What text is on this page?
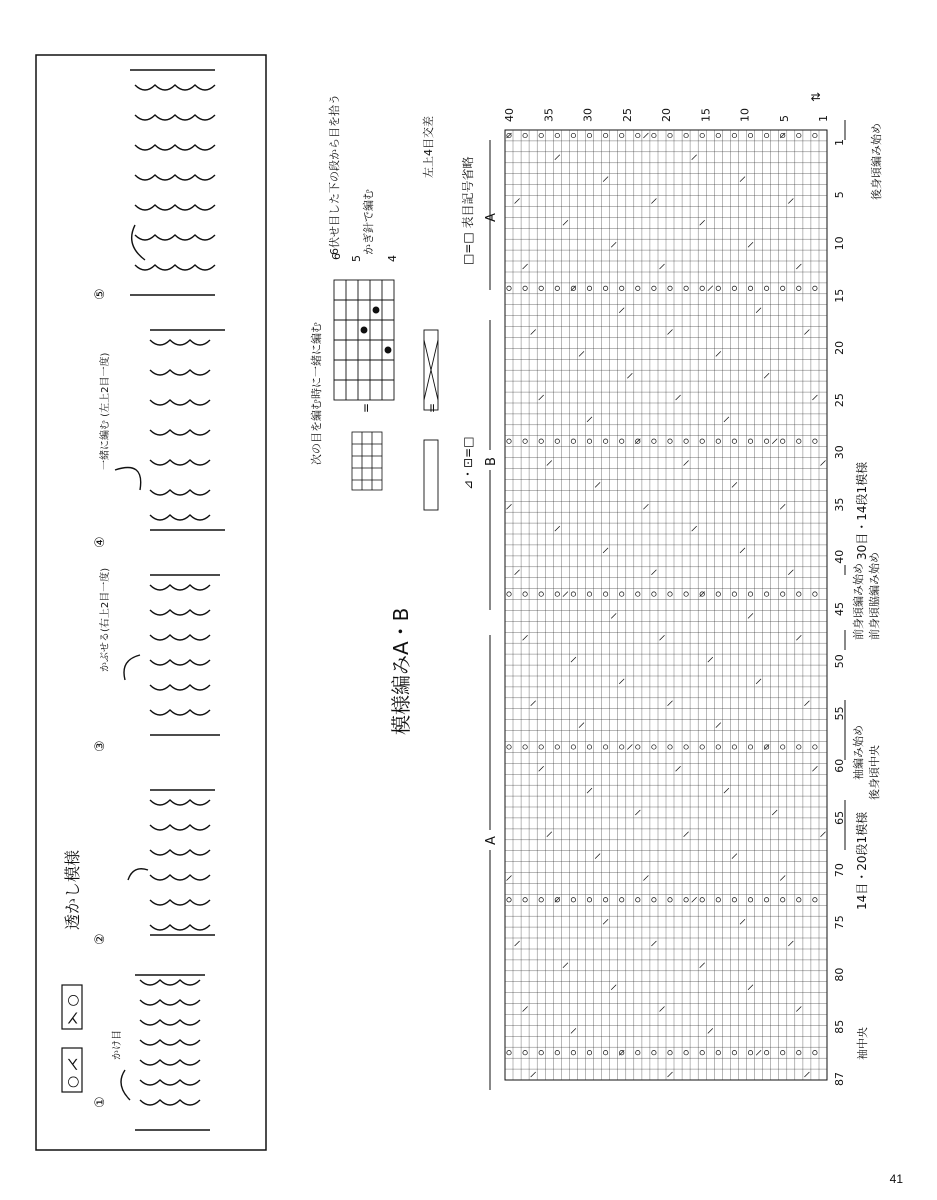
透かし模様
○ ⋌
⋋ ○
①
かけ目
②
③
かぶせる(右上2目一度)
④
一緒に編む (左上2目一度)
⑤
模様編みA・B
次の目を編む時に一緒に編む
6伏せ目した下の段から目を拾う かぎ針で編む
6 5 4
=	=
左上4目交差
⊿・⊡=□
□=□ 表目記号省略 A
B
A
40 35 30 25 20 15 10 5 1
87
85
80
75
70
65
60
55
50
45
40
35
30
25
20
15
10
5
1
⇅
後身頃編み始め
30目・14段1模様
前身頃編み始め 前身頃脇編み始め
袖編み始め 後身頃中央
14目・20段1模様
袖中央
41
